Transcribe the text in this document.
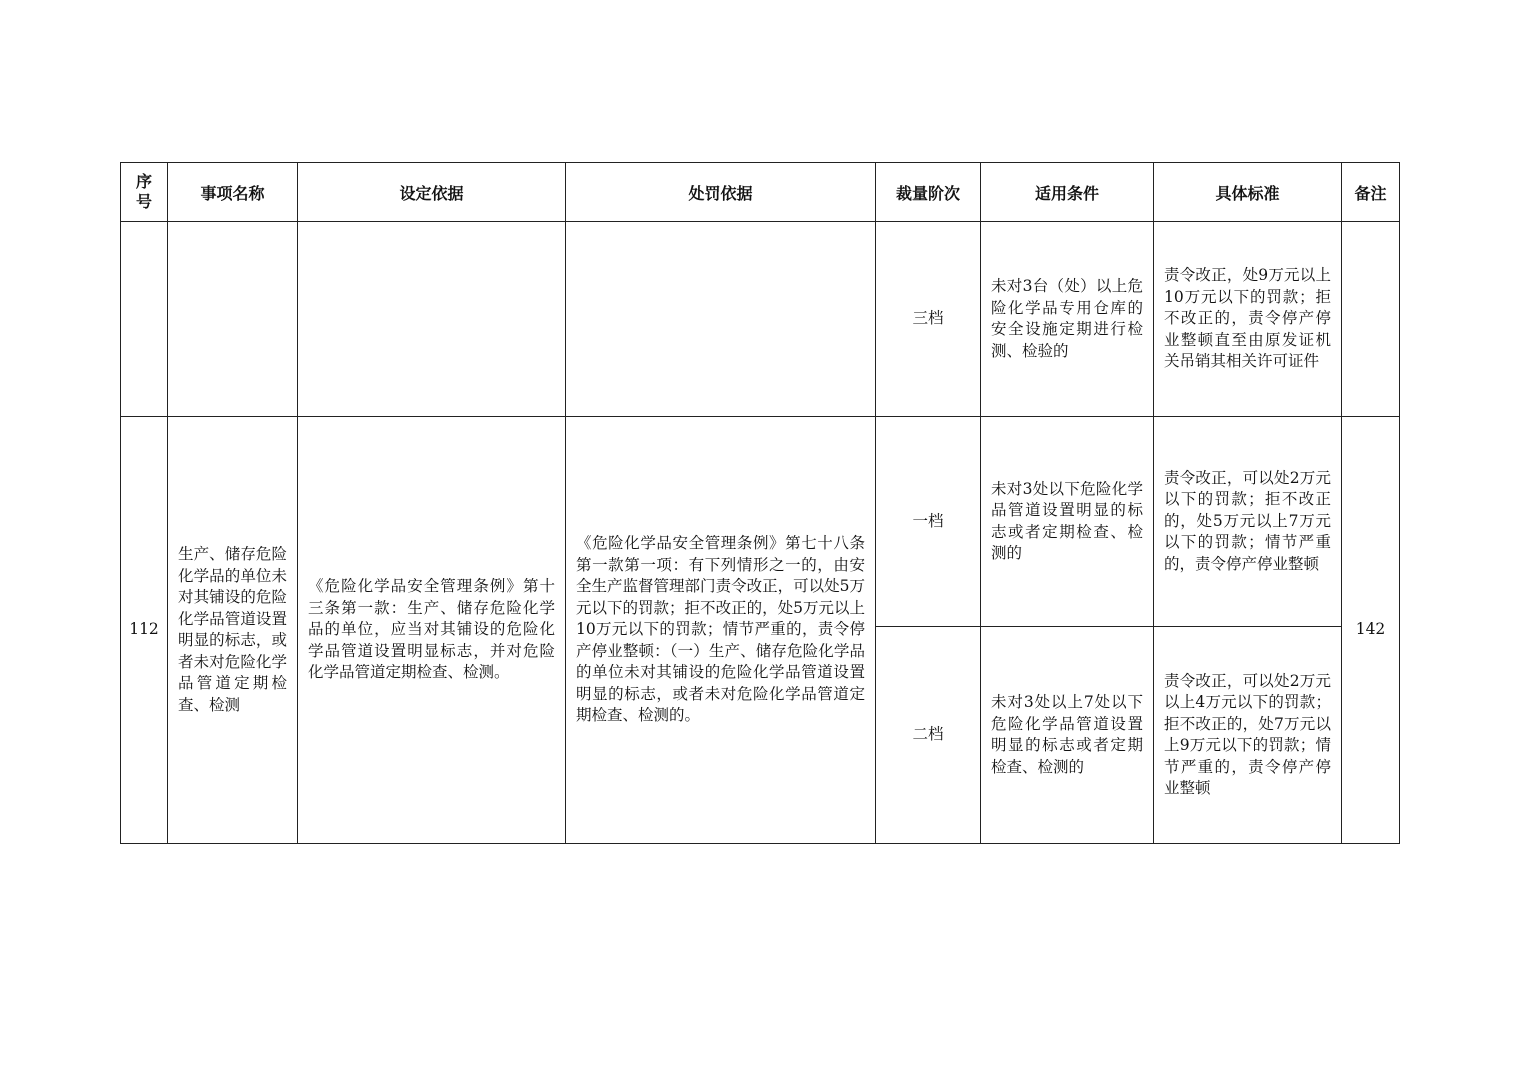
序号	事项名称	设定依据	处罚依据	裁量阶次	适用条件	具体标准	备注
				三档	未对3台（处）以上危险化学品专用仓库的安全设施定期进行检测、检验的	责令改正，处9万元以上10万元以下的罚款；拒不改正的，责令停产停业整顿直至由原发证机关吊销其相关许可证件	

112	生产、储存危险化学品的单位未对其铺设的危险化学品管道设置明显的标志，或者未对危险化学品管道定期检查、检测	《危险化学品安全管理条例》第十三条第一款：生产、储存危险化学品的单位，应当对其铺设的危险化学品管道设置明显标志，并对危险化学品管道定期检查、检测。	《危险化学品安全管理条例》第七十八条第一款第一项：有下列情形之一的，由安全生产监督管理部门责令改正，可以处5万元以下的罚款；拒不改正的，处5万元以上10万元以下的罚款；情节严重的，责令停产停业整顿：（一）生产、储存危险化学品的单位未对其铺设的危险化学品管道设置明显的标志，或者未对危险化学品管道定期检查、检测的。	一档	未对3处以下危险化学品管道设置明显的标志或者定期检查、检测的	责令改正，可以处2万元以下的罚款；拒不改正的，处5万元以上7万元以下的罚款；情节严重的，责令停产停业整顿	142
				二档	未对3处以上7处以下危险化学品管道设置明显的标志或者定期检查、检测的	责令改正，可以处2万元以上4万元以下的罚款；拒不改正的，处7万元以上9万元以下的罚款；情节严重的，责令停产停业整顿	
